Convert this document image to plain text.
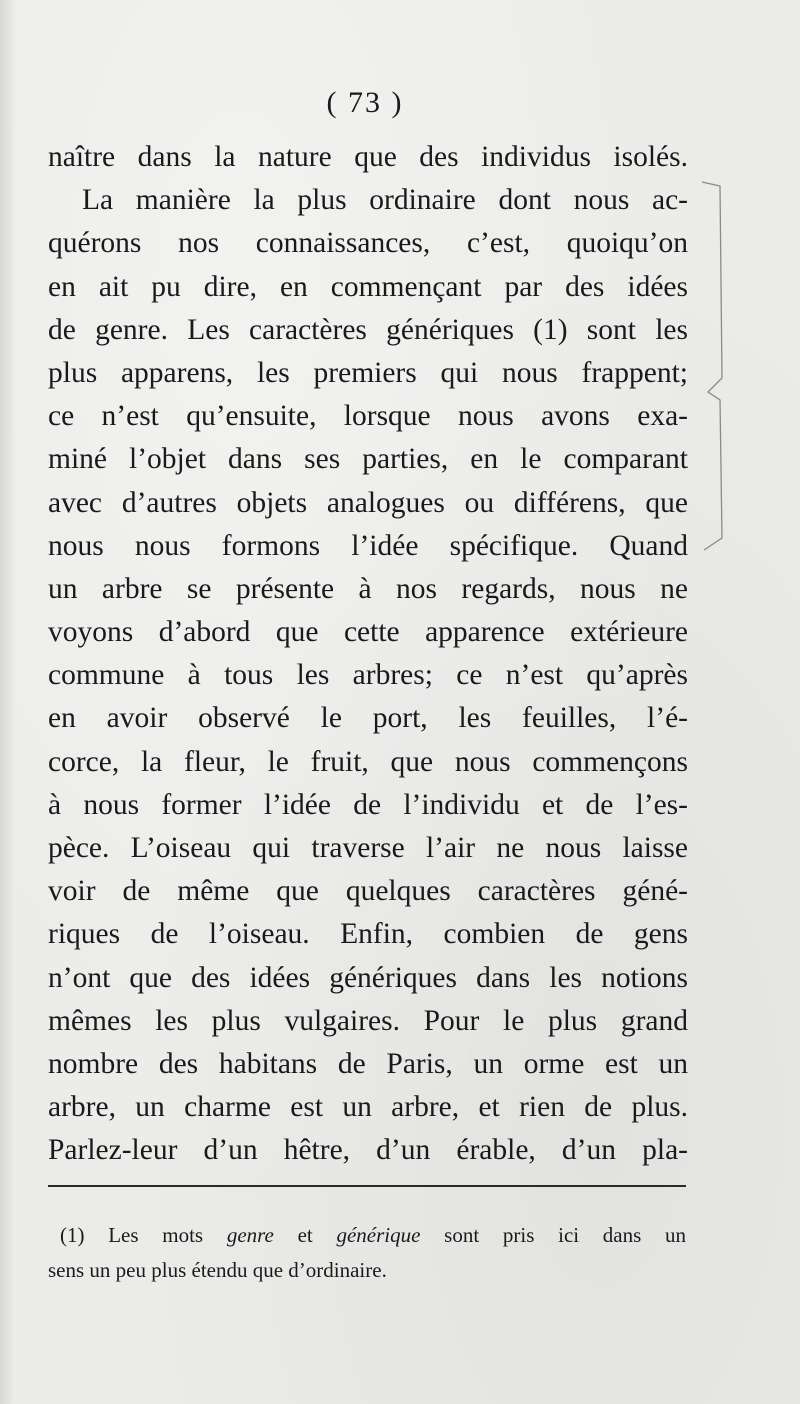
( 73 )
naître dans la nature que des individus isolés.
La manière la plus ordinaire dont nous ac-
quérons nos connaissances, c’est, quoiqu’on
en ait pu dire, en commençant par des idées
de genre. Les caractères génériques (1) sont les
plus apparens, les premiers qui nous frappent;
ce n’est qu’ensuite, lorsque nous avons exa-
miné l’objet dans ses parties, en le comparant
avec d’autres objets analogues ou différens, que
nous nous formons l’idée spécifique. Quand
un arbre se présente à nos regards, nous ne
voyons d’abord que cette apparence extérieure
commune à tous les arbres; ce n’est qu’après
en avoir observé le port, les feuilles, l’é-
corce, la fleur, le fruit, que nous commençons
à nous former l’idée de l’individu et de l’es-
pèce. L’oiseau qui traverse l’air ne nous laisse
voir de même que quelques caractères géné-
riques de l’oiseau. Enfin, combien de gens
n’ont que des idées génériques dans les notions
mêmes les plus vulgaires. Pour le plus grand
nombre des habitans de Paris, un orme est un
arbre, un charme est un arbre, et rien de plus.
Parlez-leur d’un hêtre, d’un érable, d’un pla-
(1) Les mots genre et générique sont pris ici dans un
sens un peu plus étendu que d’ordinaire.
